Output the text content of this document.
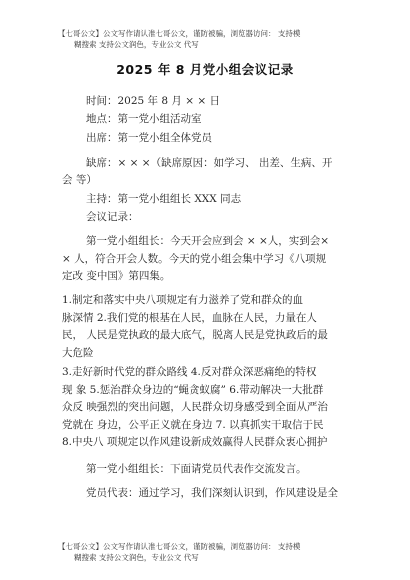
【七哥公文】公文写作请认准七哥公文，谨防被骗，浏览器访问： 支持模
糊搜索 支持公文润色，专业公文 代写
2025 年 8 月党小组会议记录
时间：2025 年 8 月 × × 日
地点：第一党小组活动室
出席：第一党小组全体党员
缺席：× × ×（缺席原因：如学习、 出差、生病、开
会 等）
主持：第一党小组组长 XXX 同志
会议记录：
第一党小组组长：今天开会应到会 × ×人，实到会×
× 人，符合开会人数。今天的党小组会集中学习《八项规
定改 变中国》第四集。
1.制定和落实中央八项规定有力滋养了党和群众的血
脉深情 2.我们党的根基在人民，血脉在人民，力量在人
民， 人民是党执政的最大底气，脱离人民是党执政后的最
大危险
3.走好新时代党的群众路线 4.反对群众深恶痛绝的特权
现 象 5.惩治群众身边的“蝇贪蚁腐” 6.带动解决一大批群
众反 映强烈的突出问题，人民群众切身感受到全面从严治
党就在 身边，公平正义就在身边 7. 以真抓实干取信于民
8.中央八 项规定以作风建设新成效赢得人民群众衷心拥护
第一党小组组长：下面请党员代表作交流发言。
党员代表：通过学习，我们深刻认识到，作风建设是全
【七哥公文】公文写作请认准七哥公文，谨防被骗，浏览器访问： 支持模
糊搜索 支持公文润色，专业公文 代写
